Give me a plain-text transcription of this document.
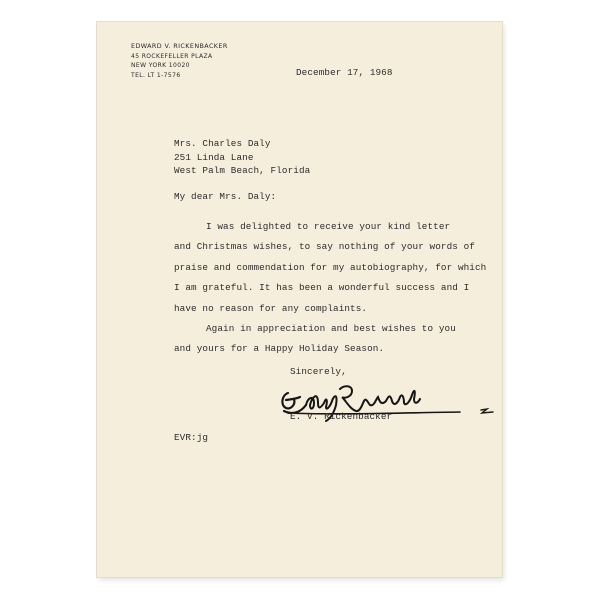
EDWARD V. RICKENBACKER
45 ROCKEFELLER PLAZA
NEW YORK 10020
TEL. LT 1-7576	December 17, 1968
Mrs. Charles Daly
251 Linda Lane
West Palm Beach, Florida
My dear Mrs. Daly:
I was delighted to receive your kind letter
and Christmas wishes, to say nothing of your words of
praise and commendation for my autobiography, for which
I am grateful. It has been a wonderful success and I
have no reason for any complaints.
Again in appreciation and best wishes to you
and yours for a Happy Holiday Season.
Sincerely,
E. V. Rickenbacker
EVR:jg
